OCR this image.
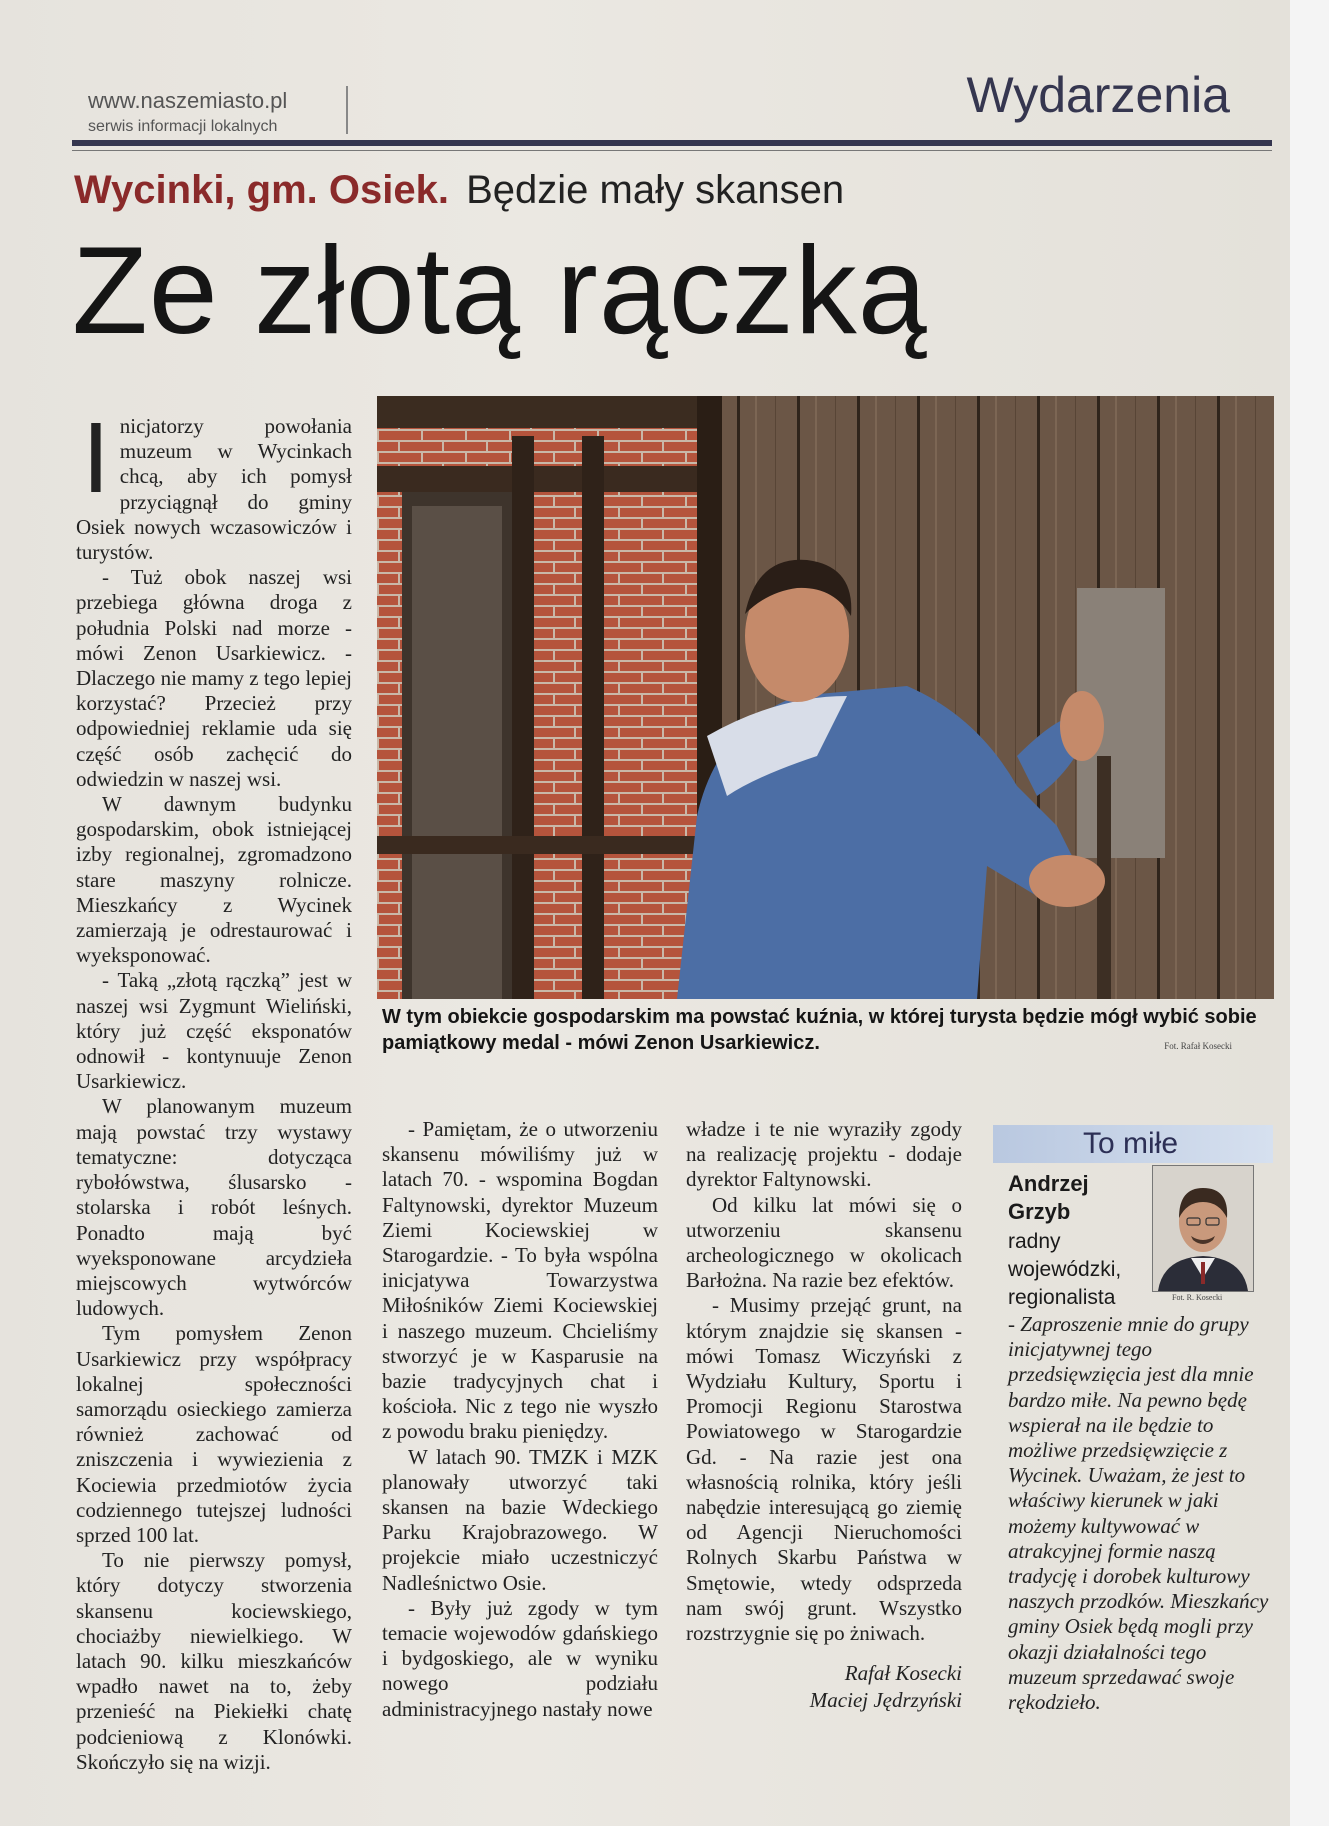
www.naszemiasto.pl
serwis informacji lokalnych
Wydarzenia
Wycinki, gm. Osiek. Będzie mały skansen
Ze złotą rączką

Inicjatorzy powołania muzeum w Wycinkach chcą, aby ich pomysł przyciągnął do gminy Osiek nowych wczasowiczów i turystów.

- Tuż obok naszej wsi przebiega główna droga z południa Polski nad morze - mówi Zenon Usarkiewicz. - Dlaczego nie mamy z tego lepiej korzystać? Przecież przy odpowiedniej reklamie uda się część osób zachęcić do odwiedzin w naszej wsi.

W dawnym budynku gospodarskim, obok istniejącej izby regionalnej, zgromadzono stare maszyny rolnicze. Mieszkańcy z Wycinek zamierzają je odrestaurować i wyeksponować.

- Taką „złotą rączką” jest w naszej wsi Zygmunt Wieliński, który już część eksponatów odnowił - kontynuuje Zenon Usarkiewicz.

W planowanym muzeum mają powstać trzy wystawy tematyczne: dotycząca rybołówstwa, ślusarsko - stolarska i robót leśnych. Ponadto mają być wyeksponowane arcydzieła miejscowych wytwórców ludowych.

Tym pomysłem Zenon Usarkiewicz przy współpracy lokalnej społeczności samorządu osieckiego zamierza również zachować od zniszczenia i wywiezienia z Kociewia przedmiotów życia codziennego tutejszej ludności sprzed 100 lat.

To nie pierwszy pomysł, który dotyczy stworzenia skansenu kociewskiego, chociażby niewielkiego. W latach 90. kilku mieszkańców wpadło nawet na to, żeby przenieść na Piekiełki chatę podcieniową z Klonówki. Skończyło się na wizji.

W tym obiekcie gospodarskim ma powstać kuźnia, w której turysta będzie mógł wybić sobie pamiątkowy medal - mówi Zenon Usarkiewicz.	Fot. Rafał Kosecki

- Pamiętam, że o utworzeniu skansenu mówiliśmy już w latach 70. - wspomina Bogdan Faltynowski, dyrektor Muzeum Ziemi Kociewskiej w Starogardzie. - To była wspólna inicjatywa Towarzystwa Miłośników Ziemi Kociewskiej i naszego muzeum. Chcieliśmy stworzyć je w Kasparusie na bazie tradycyjnych chat i kościoła. Nic z tego nie wyszło z powodu braku pieniędzy.

W latach 90. TMZK i MZK planowały utworzyć taki skansen na bazie Wdeckiego Parku Krajobrazowego. W projekcie miało uczestniczyć Nadleśnictwo Osie.

- Były już zgody w tym temacie wojewodów gdańskiego i bydgoskiego, ale w wyniku nowego podziału administracyjnego nastały nowe

władze i te nie wyraziły zgody na realizację projektu - dodaje dyrektor Faltynowski.

Od kilku lat mówi się o utworzeniu skansenu archeologicznego w okolicach Barłożna. Na razie bez efektów.

- Musimy przejąć grunt, na którym znajdzie się skansen - mówi Tomasz Wiczyński z Wydziału Kultury, Sportu i Promocji Regionu Starostwa Powiatowego w Starogardzie Gd. - Na razie jest ona własnością rolnika, który jeśli nabędzie interesującą go ziemię od Agencji Nieruchomości Rolnych Skarbu Państwa w Smętowie, wtedy odsprzeda nam swój grunt. Wszystko rozstrzygnie się po żniwach.

Rafał Kosecki
Maciej Jędrzyński
To miłe
Andrzej
Grzyb
radny wojewódzki, regionalista	Fot. R. Kosecki
- Zaproszenie mnie do grupy inicjatywnej tego przedsięwzięcia jest dla mnie bardzo miłe. Na pewno będę wspierał na ile będzie to możliwe przedsięwzięcie z Wycinek. Uważam, że jest to właściwy kierunek w jaki możemy kultywować w atrakcyjnej formie naszą tradycję i dorobek kulturowy naszych przodków. Mieszkańcy gminy Osiek będą mogli przy okazji działalności tego muzeum sprzedawać swoje rękodzieło.
